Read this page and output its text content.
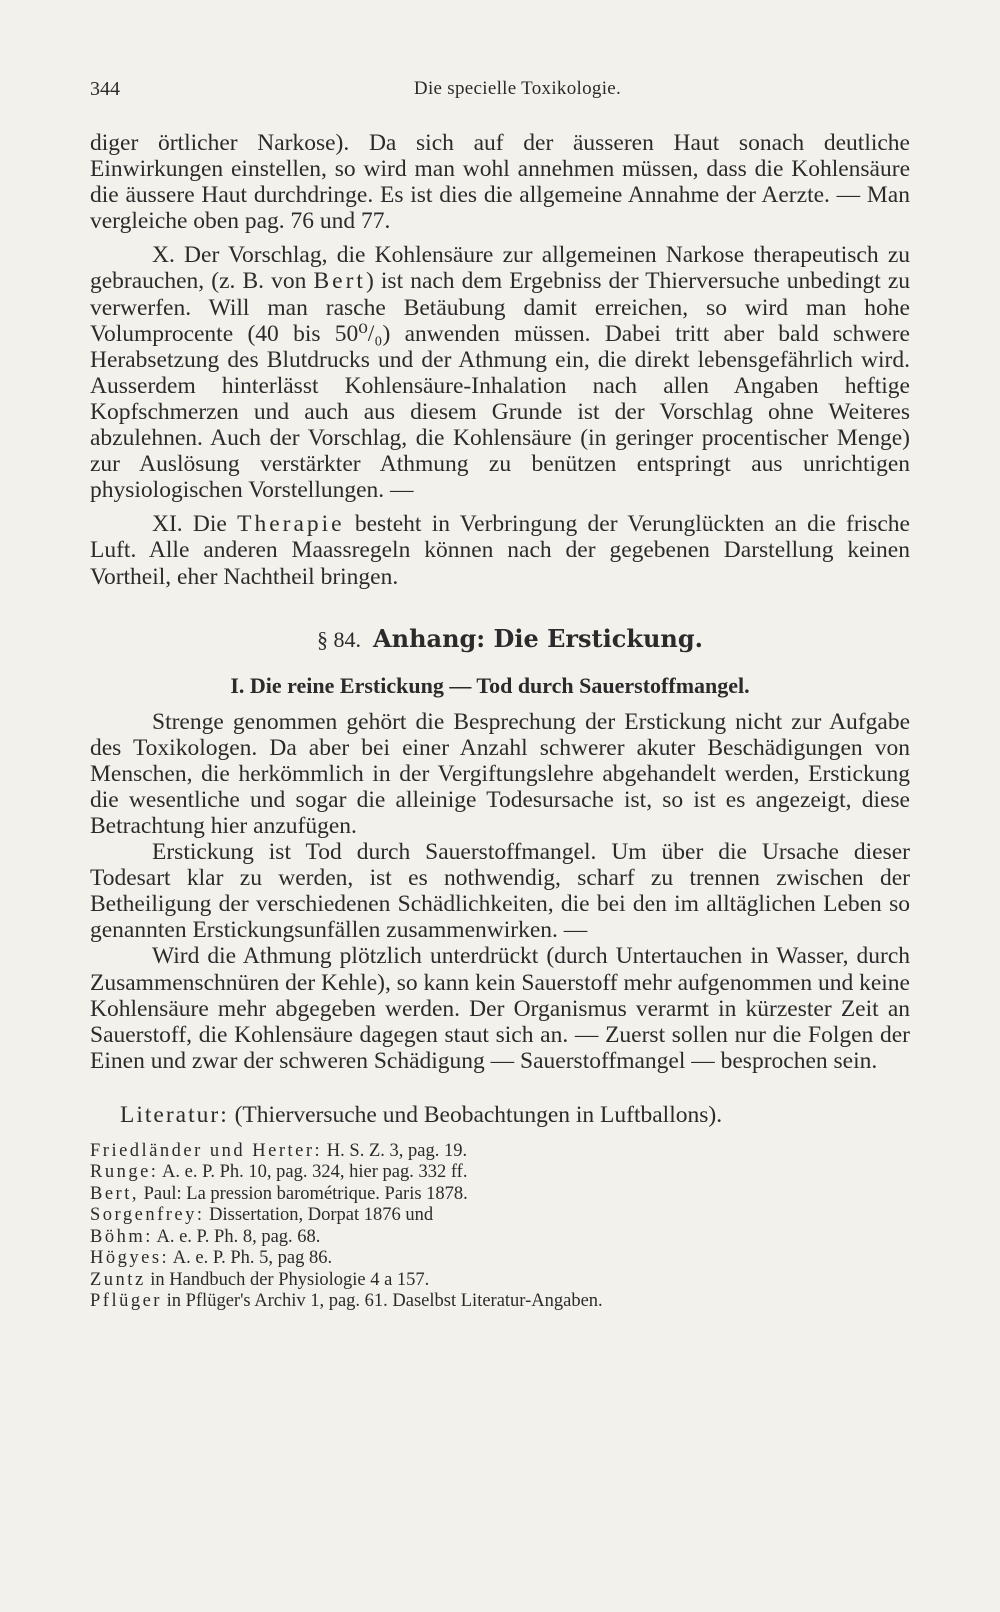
344	Die specielle Toxikologie.

diger örtlicher Narkose). Da sich auf der äusseren Haut sonach deutliche Einwirkungen einstellen, so wird man wohl annehmen müssen, dass die Kohlensäure die äussere Haut durchdringe. Es ist dies die allgemeine Annahme der Aerzte. — Man vergleiche oben pag. 76 und 77.

X. Der Vorschlag, die Kohlensäure zur allgemeinen Narkose therapeutisch zu gebrauchen, (z. B. von Bert) ist nach dem Ergebniss der Thierversuche unbedingt zu verwerfen. Will man rasche Betäubung damit erreichen, so wird man hohe Volumprocente (40 bis 50⁰/₀) anwenden müssen. Dabei tritt aber bald schwere Herabsetzung des Blutdrucks und der Athmung ein, die direkt lebensgefährlich wird. Ausserdem hinterlässt Kohlensäure-Inhalation nach allen Angaben heftige Kopfschmerzen und auch aus diesem Grunde ist der Vorschlag ohne Weiteres abzulehnen. Auch der Vorschlag, die Kohlensäure (in geringer procentischer Menge) zur Auslösung verstärkter Athmung zu benützen entspringt aus unrichtigen physiologischen Vorstellungen. —

XI. Die Therapie besteht in Verbringung der Verunglückten an die frische Luft. Alle anderen Maassregeln können nach der gegebenen Darstellung keinen Vortheil, eher Nachtheil bringen.

§ 84. Anhang: Die Erstickung.
I. Die reine Erstickung — Tod durch Sauerstoffmangel.

Strenge genommen gehört die Besprechung der Erstickung nicht zur Aufgabe des Toxikologen. Da aber bei einer Anzahl schwerer akuter Beschädigungen von Menschen, die herkömmlich in der Vergiftungslehre abgehandelt werden, Erstickung die wesentliche und sogar die alleinige Todesursache ist, so ist es angezeigt, diese Betrachtung hier anzufügen.

Erstickung ist Tod durch Sauerstoffmangel. Um über die Ursache dieser Todesart klar zu werden, ist es nothwendig, scharf zu trennen zwischen der Betheiligung der verschiedenen Schädlichkeiten, die bei den im alltäglichen Leben so genannten Erstickungsunfällen zusammenwirken. —

Wird die Athmung plötzlich unterdrückt (durch Untertauchen in Wasser, durch Zusammenschnüren der Kehle), so kann kein Sauerstoff mehr aufgenommen und keine Kohlensäure mehr abgegeben werden. Der Organismus verarmt in kürzester Zeit an Sauerstoff, die Kohlensäure dagegen staut sich an. — Zuerst sollen nur die Folgen der Einen und zwar der schweren Schädigung — Sauerstoffmangel — besprochen sein.

Literatur: (Thierversuche und Beobachtungen in Luftballons).
Friedländer und Herter: H. S. Z. 3, pag. 19.
Runge: A. e. P. Ph. 10, pag. 324, hier pag. 332 ff.
Bert, Paul: La pression barométrique. Paris 1878.
Sorgenfrey: Dissertation, Dorpat 1876 und
Böhm: A. e. P. Ph. 8, pag. 68.
Högyes: A. e. P. Ph. 5, pag 86.
Zuntz in Handbuch der Physiologie 4 a 157.
Pflüger in Pflüger's Archiv 1, pag. 61. Daselbst Literatur-Angaben.
